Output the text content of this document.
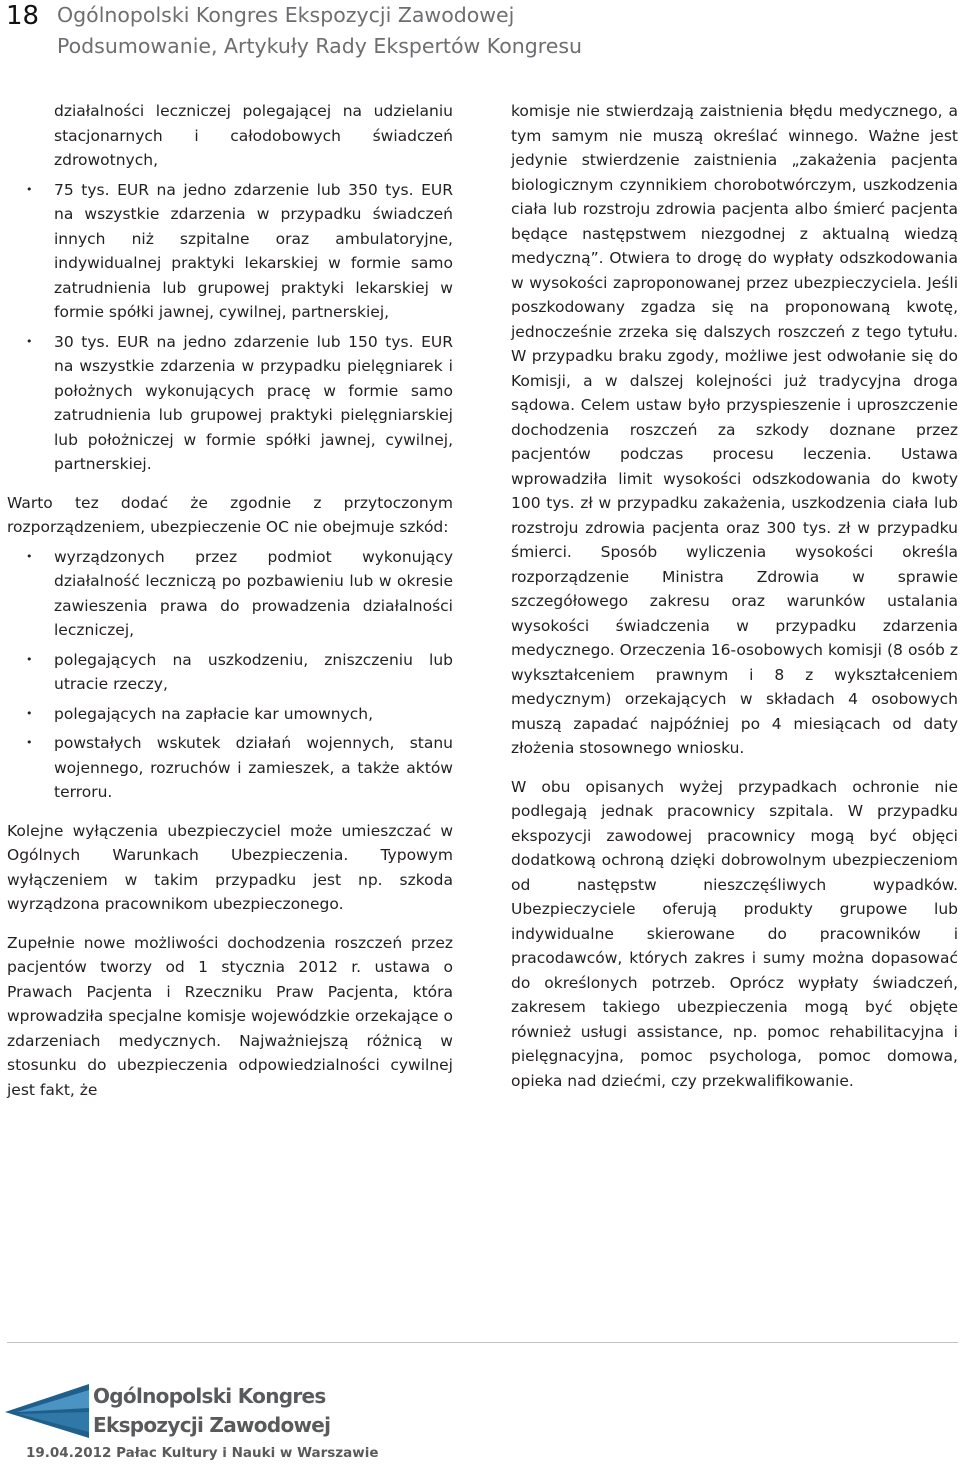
18 Ogólnopolski Kongres Ekspozycji Zawodowej
Podsumowanie, Artykuły Rady Ekspertów Kongresu

działalności leczniczej polegającej na udzielaniu stacjonarnych i całodobowych świadczeń zdrowotnych,

• 75 tys. EUR na jedno zdarzenie lub 350 tys. EUR na wszystkie zdarzenia w przypadku świadczeń innych niż szpitalne oraz ambulatoryjne, indywidualnej praktyki lekarskiej w formie samo zatrudnienia lub grupowej praktyki lekarskiej w formie spółki jawnej, cywilnej, partnerskiej,
• 30 tys. EUR na jedno zdarzenie lub 150 tys. EUR na wszystkie zdarzenia w przypadku pielęgniarek i położnych wykonujących pracę w formie samo zatrudnienia lub grupowej praktyki pielęgniarskiej lub położniczej w formie spółki jawnej, cywilnej, partnerskiej.

Warto tez dodać że zgodnie z przytoczonym rozporządzeniem, ubezpieczenie OC nie obejmuje szkód:

• wyrządzonych przez podmiot wykonujący działalność leczniczą po pozbawieniu lub w okresie zawieszenia prawa do prowadzenia działalności leczniczej,
• polegających na uszkodzeniu, zniszczeniu lub utracie rzeczy,
• polegających na zapłacie kar umownych,
• powstałych wskutek działań wojennych, stanu wojennego, rozruchów i zamieszek, a także aktów terroru.

Kolejne wyłączenia ubezpieczyciel może umieszczać w Ogólnych Warunkach Ubezpieczenia. Typowym wyłączeniem w takim przypadku jest np. szkoda wyrządzona pracownikom ubezpieczonego.

Zupełnie nowe możliwości dochodzenia roszczeń przez pacjentów tworzy od 1 stycznia 2012 r. ustawa o Prawach Pacjenta i Rzeczniku Praw Pacjenta, która wprowadziła specjalne komisje wojewódzkie orzekające o zdarzeniach medycznych. Najważniejszą różnicą w stosunku do ubezpieczenia odpowiedzialności cywilnej jest fakt, że

komisje nie stwierdzają zaistnienia błędu medycznego, a tym samym nie muszą określać winnego. Ważne jest jedynie stwierdzenie zaistnienia „zakażenia pacjenta biologicznym czynnikiem chorobotwórczym, uszkodzenia ciała lub rozstroju zdrowia pacjenta albo śmierć pacjenta będące następstwem niezgodnej z aktualną wiedzą medyczną”. Otwiera to drogę do wypłaty odszkodowania w wysokości zaproponowanej przez ubezpieczyciela. Jeśli poszkodowany zgadza się na proponowaną kwotę, jednocześnie zrzeka się dalszych roszczeń z tego tytułu. W przypadku braku zgody, możliwe jest odwołanie się do Komisji, a w dalszej kolejności już tradycyjna droga sądowa. Celem ustaw było przyspieszenie i uproszczenie dochodzenia roszczeń za szkody doznane przez pacjentów podczas procesu leczenia. Ustawa wprowadziła limit wysokości odszkodowania do kwoty 100 tys. zł w przypadku zakażenia, uszkodzenia ciała lub rozstroju zdrowia pacjenta oraz 300 tys. zł w przypadku śmierci. Sposób wyliczenia wysokości określa rozporządzenie Ministra Zdrowia w sprawie szczegółowego zakresu oraz warunków ustalania wysokości świadczenia w przypadku zdarzenia medycznego. Orzeczenia 16-osobowych komisji (8 osób z wykształceniem prawnym i 8 z wykształceniem medycznym) orzekających w składach 4 osobowych muszą zapadać najpóźniej po 4 miesiącach od daty złożenia stosownego wniosku.

W obu opisanych wyżej przypadkach ochronie nie podlegają jednak pracownicy szpitala. W przypadku ekspozycji zawodowej pracownicy mogą być objęci dodatkową ochroną dzięki dobrowolnym ubezpieczeniom od następstw nieszczęśliwych wypadków. Ubezpieczyciele oferują produkty grupowe lub indywidualne skierowane do pracowników i pracodawców, których zakres i sumy można dopasować do określonych potrzeb. Oprócz wypłaty świadczeń, zakresem takiego ubezpieczenia mogą być objęte również usługi assistance, np. pomoc rehabilitacyjna i pielęgnacyjna, pomoc psychologa, pomoc domowa, opieka nad dziećmi, czy przekwalifikowanie.

Ogólnopolski Kongres
Ekspozycji Zawodowej
19.04.2012 Pałac Kultury i Nauki w Warszawie
